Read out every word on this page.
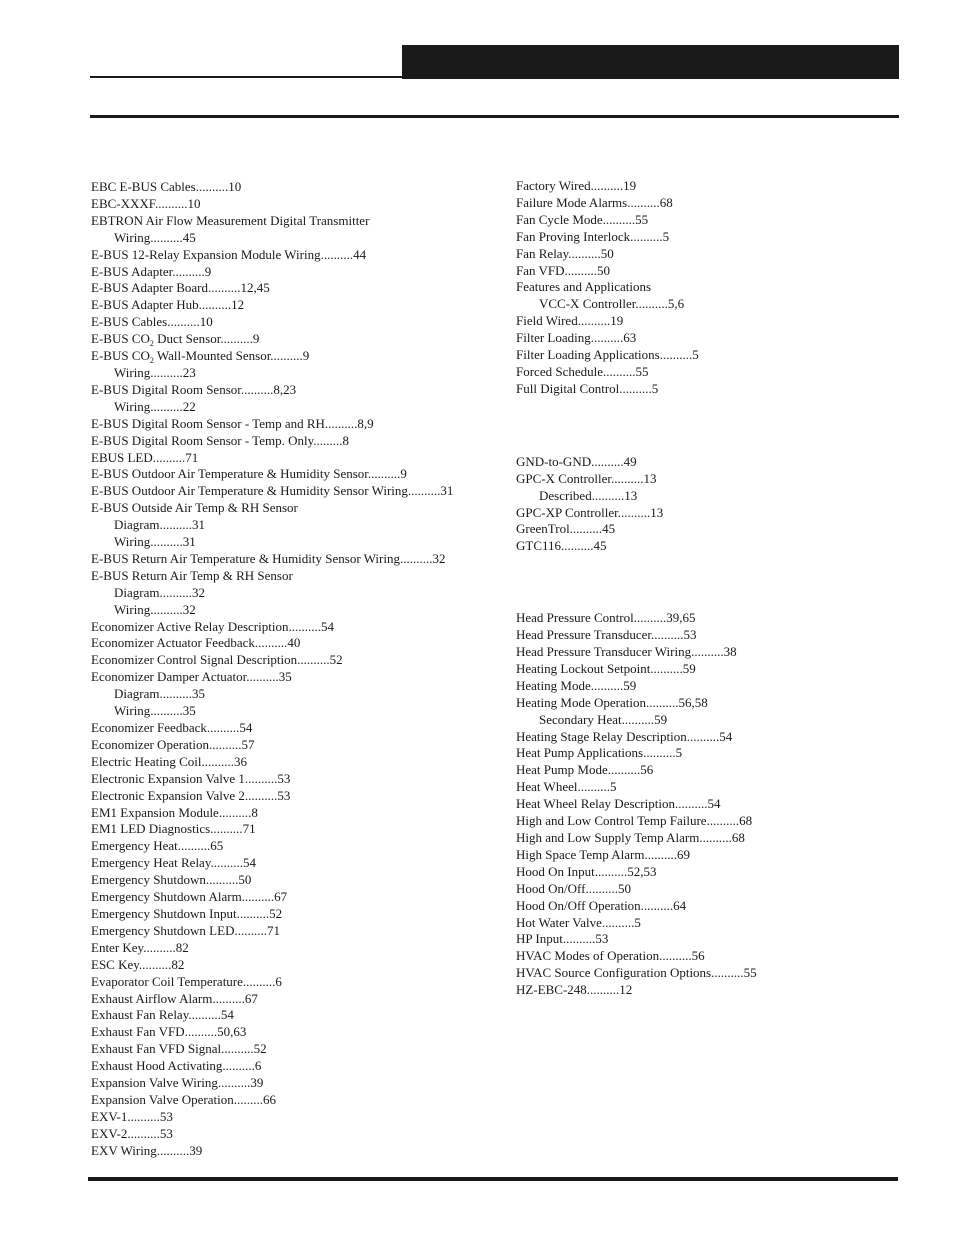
EBC E-BUS Cables..........10
EBC-XXXF..........10
EBTRON Air Flow Measurement Digital Transmitter
Wiring..........45
E-BUS 12-Relay Expansion Module Wiring..........44
E-BUS Adapter..........9
E-BUS Adapter Board..........12,45
E-BUS Adapter Hub..........12
E-BUS Cables..........10
E-BUS $CO_2$ Duct Sensor..........9
E-BUS $CO_2$ Wall-Mounted Sensor..........9
Wiring..........23
E-BUS Digital Room Sensor..........8,23
Wiring..........22
E-BUS Digital Room Sensor - Temp and RH..........8,9
E-BUS Digital Room Sensor - Temp. Only.........8
EBUS LED..........71
E-BUS Outdoor Air Temperature & Humidity Sensor..........9
E-BUS Outdoor Air Temperature & Humidity Sensor Wiring..........31
E-BUS Outside Air Temp & RH Sensor
Diagram..........31
Wiring..........31
E-BUS Return Air Temperature & Humidity Sensor Wiring..........32
E-BUS Return Air Temp & RH Sensor
Diagram..........32
Wiring..........32
Economizer Active Relay Description..........54
Economizer Actuator Feedback..........40
Economizer Control Signal Description..........52
Economizer Damper Actuator..........35
Diagram..........35
Wiring..........35
Economizer Feedback..........54
Economizer Operation..........57
Electric Heating Coil..........36
Electronic Expansion Valve 1..........53
Electronic Expansion Valve 2..........53
EM1 Expansion Module..........8
EM1 LED Diagnostics..........71
Emergency Heat..........65
Emergency Heat Relay..........54
Emergency Shutdown..........50
Emergency Shutdown Alarm..........67
Emergency Shutdown Input..........52
Emergency Shutdown LED..........71
Enter Key..........82
ESC Key..........82
Evaporator Coil Temperature..........6
Exhaust Airflow Alarm..........67
Exhaust Fan Relay..........54
Exhaust Fan VFD..........50,63
Exhaust Fan VFD Signal..........52
Exhaust Hood Activating..........6
Expansion Valve Wiring..........39
Expansion Valve Operation.........66
EXV-1..........53
EXV-2..........53
EXV Wiring..........39
Factory Wired..........19
Failure Mode Alarms..........68
Fan Cycle Mode..........55
Fan Proving Interlock..........5
Fan Relay..........50
Fan VFD..........50
Features and Applications
VCC-X Controller..........5,6
Field Wired..........19
Filter Loading..........63
Filter Loading Applications..........5
Forced Schedule..........55
Full Digital Control..........5
GND-to-GND..........49
GPC-X Controller..........13
Described..........13
GPC-XP Controller..........13
GreenTrol..........45
GTC116..........45
Head Pressure Control..........39,65
Head Pressure Transducer..........53
Head Pressure Transducer Wiring..........38
Heating Lockout Setpoint..........59
Heating Mode..........59
Heating Mode Operation..........56,58
Secondary Heat..........59
Heating Stage Relay Description..........54
Heat Pump Applications..........5
Heat Pump Mode..........56
Heat Wheel..........5
Heat Wheel Relay Description..........54
High and Low Control Temp Failure..........68
High and Low Supply Temp Alarm..........68
High Space Temp Alarm..........69
Hood On Input..........52,53
Hood On/Off..........50
Hood On/Off Operation..........64
Hot Water Valve..........5
HP Input..........53
HVAC Modes of Operation..........56
HVAC Source Configuration Options..........55
HZ-EBC-248..........12
